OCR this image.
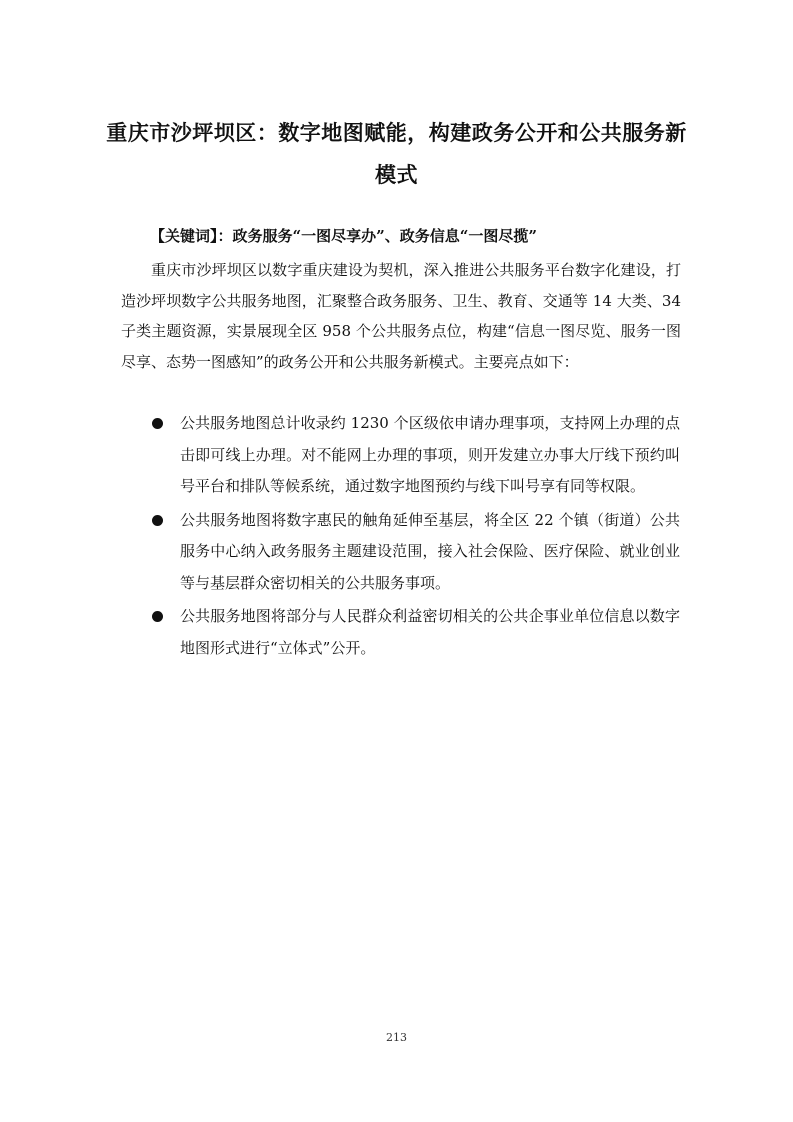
重庆市沙坪坝区：数字地图赋能，构建政务公开和公共服务新模式
【关键词】：政务服务“一图尽享办”、政务信息“一图尽揽”

重庆市沙坪坝区以数字重庆建设为契机，深入推进公共服务平台数字化建设，打造沙坪坝数字公共服务地图，汇聚整合政务服务、卫生、教育、交通等 14 大类、34 子类主题资源，实景展现全区 958 个公共服务点位，构建“信息一图尽览、服务一图尽享、态势一图感知”的政务公开和公共服务新模式。主要亮点如下：

公共服务地图总计收录约 1230 个区级依申请办理事项，支持网上办理的点击即可线上办理。对不能网上办理的事项，则开发建立办事大厅线下预约叫号平台和排队等候系统，通过数字地图预约与线下叫号享有同等权限。
公共服务地图将数字惠民的触角延伸至基层，将全区 22 个镇（街道）公共服务中心纳入政务服务主题建设范围，接入社会保险、医疗保险、就业创业等与基层群众密切相关的公共服务事项。
公共服务地图将部分与人民群众利益密切相关的公共企事业单位信息以数字地图形式进行“立体式”公开。
213
